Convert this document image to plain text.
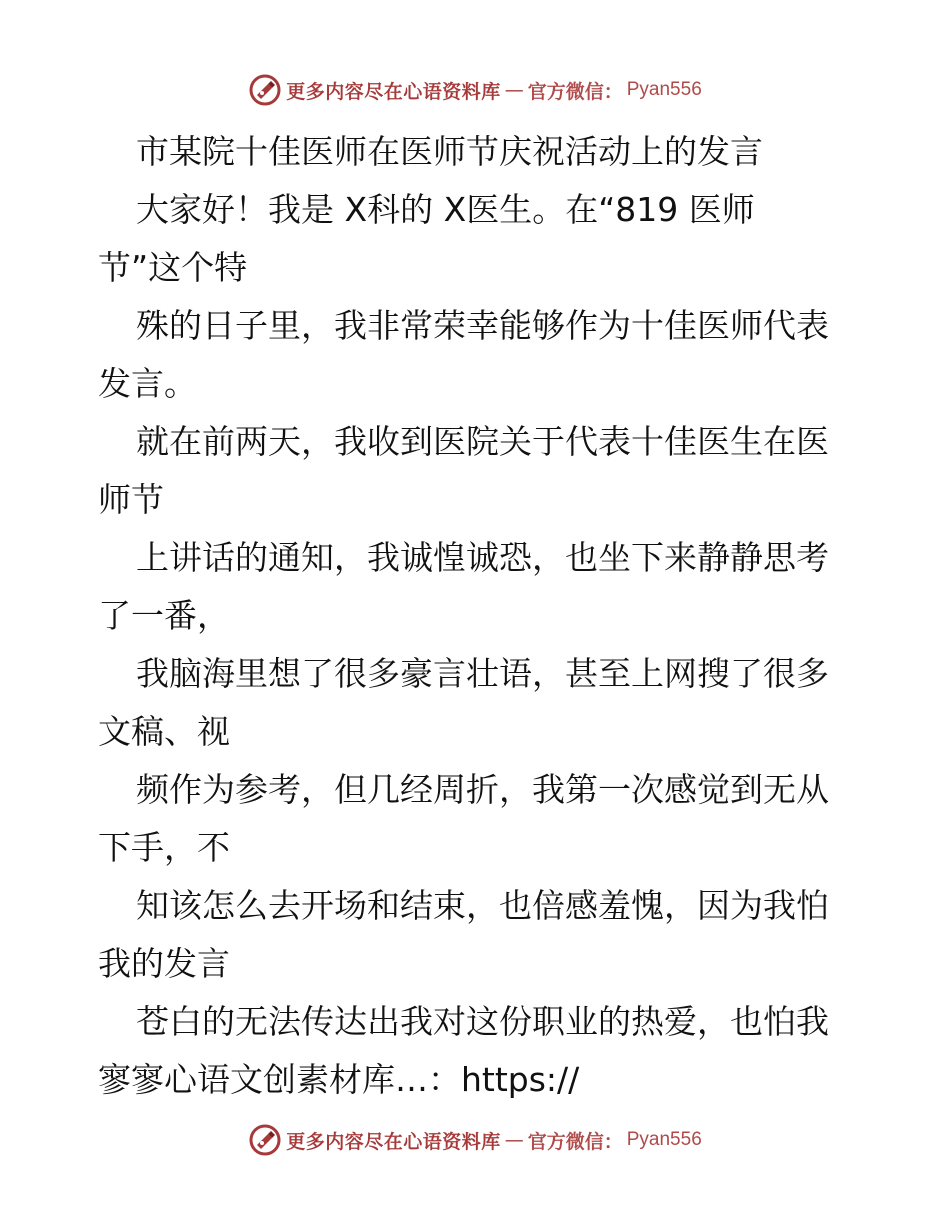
更多内容尽在心语资料库 — 官方微信： Pyan556
市某院十佳医师在医师节庆祝活动上的发言
大家好！我是 X科的 X医生。在“819 医师
节”这个特
殊的日子里，我非常荣幸能够作为十佳医师代表
发言。
就在前两天，我收到医院关于代表十佳医生在医
师节
上讲话的通知，我诚惶诚恐，也坐下来静静思考
了一番，
我脑海里想了很多豪言壮语，甚至上网搜了很多
文稿、视
频作为参考，但几经周折，我第一次感觉到无从
下手，不
知该怎么去开场和结束，也倍感羞愧，因为我怕
我的发言
苍白的无法传达出我对这份职业的热爱，也怕我
寥寥心语文创素材库…：https://
更多内容尽在心语资料库 — 官方微信： Pyan556
